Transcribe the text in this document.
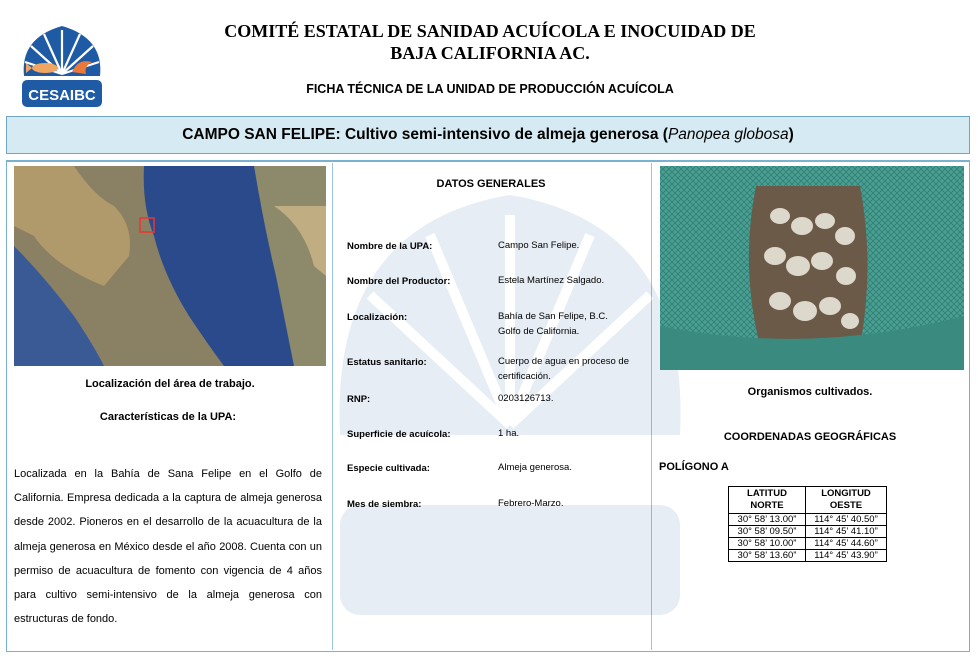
CESAIBC
COMITÉ ESTATAL DE SANIDAD ACUÍCOLA E INOCUIDAD DE
BAJA CALIFORNIA AC.
FICHA TÉCNICA DE LA UNIDAD DE PRODUCCIÓN ACUÍCOLA
CAMPO SAN FELIPE: Cultivo semi-intensivo de almeja generosa (Panopea globosa)
Localización del área de trabajo.
Características de la UPA:
Localizada en la Bahía de Sana Felipe en el Golfo de California. Empresa dedicada a la captura de almeja generosa desde 2002. Pioneros en el desarrollo de la acuacultura de la almeja generosa en México desde el año 2008. Cuenta con un permiso de acuacultura de fomento con vigencia de 4 años para cultivo semi-intensivo de la almeja generosa con estructuras de fondo.
DATOS GENERALES
Nombre de la UPA:	Campo San Felipe.
Nombre del Productor:	Estela Martínez Salgado.
Localización:	Bahía de San Felipe, B.C. Golfo de California.
Estatus sanitario:	Cuerpo de agua en proceso de certificación.
RNP:	0203126713.
Superficie de acuícola:	1 ha.
Especie cultivada:	Almeja generosa.
Mes de siembra:	Febrero-Marzo.
Organismos cultivados.
COORDENADAS GEOGRÁFICAS
POLÍGONO A
LATITUD NORTE	LONGITUD OESTE
30° 58’ 13.00”	114° 45’ 40.50”
30° 58’ 09.50”	114° 45’ 41.10”
30° 58’ 10.00”	114° 45’ 44.60”
30° 58’ 13.60”	114° 45’ 43.90”
